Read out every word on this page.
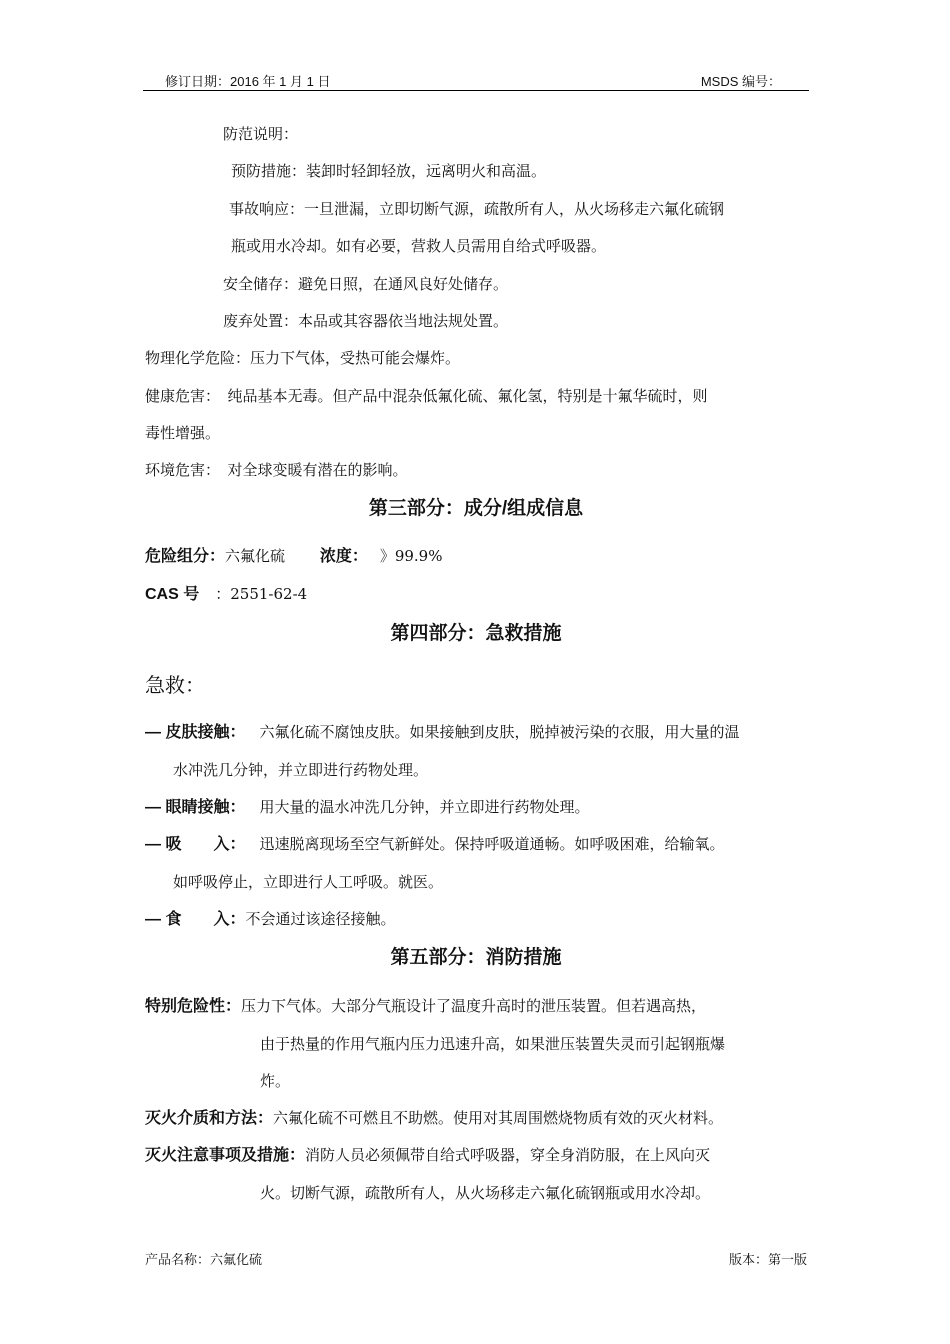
修订日期：2016 年 1 月 1 日	MSDS 编号：
防范说明：
预防措施：装卸时轻卸轻放，远离明火和高温。
事故响应：一旦泄漏，立即切断气源，疏散所有人，从火场移走六氟化硫钢
瓶或用水冷却。如有必要，营救人员需用自给式呼吸器。
安全储存：避免日照，在通风良好处储存。
废弃处置：本品或其容器依当地法规处置。
物理化学危险：压力下气体，受热可能会爆炸。
健康危害：　纯品基本无毒。但产品中混杂低氟化硫、氟化氢，特别是十氟华硫时，则
毒性增强。
环境危害：　对全球变暖有潜在的影响。
第三部分：成分/组成信息
危险组分：六氟化硫 浓度： 》99.9%
CAS 号 ：2551-62-4
第四部分：急救措施
急救：
— 皮肤接触： 六氟化硫不腐蚀皮肤。如果接触到皮肤，脱掉被污染的衣服，用大量的温
水冲洗几分钟，并立即进行药物处理。
— 眼睛接触： 用大量的温水冲洗几分钟，并立即进行药物处理。
— 吸　　入： 迅速脱离现场至空气新鲜处。保持呼吸道通畅。如呼吸困难，给输氧。
如呼吸停止，立即进行人工呼吸。就医。
— 食　　入：不会通过该途径接触。
第五部分：消防措施
特别危险性：压力下气体。大部分气瓶设计了温度升高时的泄压装置。但若遇高热，
由于热量的作用气瓶内压力迅速升高，如果泄压装置失灵而引起钢瓶爆
炸。
灭火介质和方法：六氟化硫不可燃且不助燃。使用对其周围燃烧物质有效的灭火材料。
灭火注意事项及措施：消防人员必须佩带自给式呼吸器，穿全身消防服，在上风向灭
火。切断气源，疏散所有人，从火场移走六氟化硫钢瓶或用水冷却。
产品名称：六氟化硫	版本：第一版
